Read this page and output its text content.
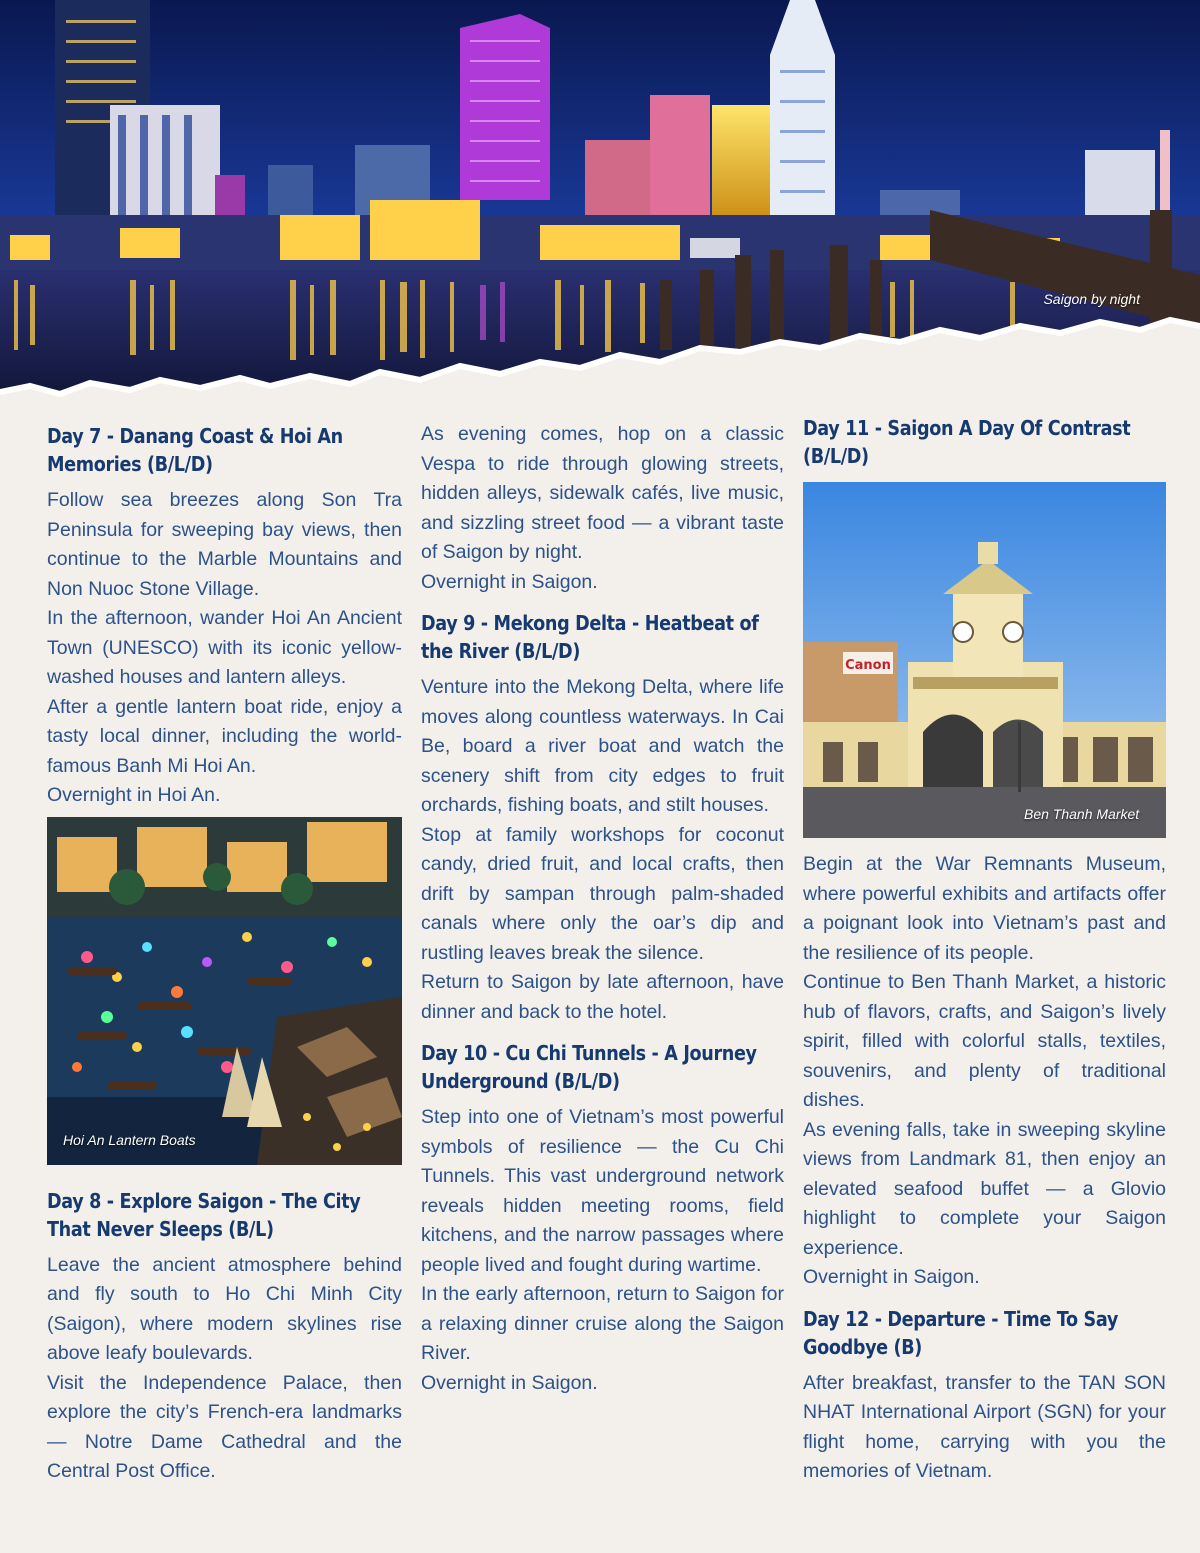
Saigon by night
Day 7 - Danang Coast & Hoi An Memories (B/L/D)

Follow sea breezes along Son Tra Peninsula for sweeping bay views, then continue to the Marble Mountains and Non Nuoc Stone Village.

In the afternoon, wander Hoi An Ancient Town (UNESCO) with its iconic yellow-washed houses and lantern alleys.

After a gentle lantern boat ride, enjoy a tasty local dinner, including the world-famous Banh Mi Hoi An.

Overnight in Hoi An.

Hoi An Lantern Boats
Day 8 - Explore Saigon - The City That Never Sleeps (B/L)

Leave the ancient atmosphere behind and fly south to Ho Chi Minh City (Saigon), where modern skylines rise above leafy boulevards.

Visit the Independence Palace, then explore the city’s French-era landmarks — Notre Dame Cathedral and the Central Post Office.

As evening comes, hop on a classic Vespa to ride through glowing streets, hidden alleys, sidewalk cafés, live music, and sizzling street food — a vibrant taste of Saigon by night.

Overnight in Saigon.

Day 9 - Mekong Delta - Heatbeat of the River (B/L/D)

Venture into the Mekong Delta, where life moves along countless waterways. In Cai Be, board a river boat and watch the scenery shift from city edges to fruit orchards, fishing boats, and stilt houses.

Stop at family workshops for coconut candy, dried fruit, and local crafts, then drift by sampan through palm-shaded canals where only the oar’s dip and rustling leaves break the silence.

Return to Saigon by late afternoon, have dinner and back to the hotel.

Day 10 - Cu Chi Tunnels - A Journey Underground (B/L/D)

Step into one of Vietnam’s most powerful symbols of resilience — the Cu Chi Tunnels. This vast underground network reveals hidden meeting rooms, field kitchens, and the narrow passages where people lived and fought during wartime.

In the early afternoon, return to Saigon for a relaxing dinner cruise along the Saigon River.

Overnight in Saigon.

Day 11 - Saigon A Day Of Contrast (B/L/D)
Canon
Ben Thanh Market

Begin at the War Remnants Museum, where powerful exhibits and artifacts offer a poignant look into Vietnam’s past and the resilience of its people.

Continue to Ben Thanh Market, a historic hub of flavors, crafts, and Saigon’s lively spirit, filled with colorful stalls, textiles, souvenirs, and plenty of traditional dishes.

As evening falls, take in sweeping skyline views from Landmark 81, then enjoy an elevated seafood buffet — a Glovio highlight to complete your Saigon experience.

Overnight in Saigon.

Day 12 - Departure - Time To Say Goodbye (B)

After breakfast, transfer to the TAN SON NHAT International Airport (SGN) for your flight home, carrying with you the memories of Vietnam.
